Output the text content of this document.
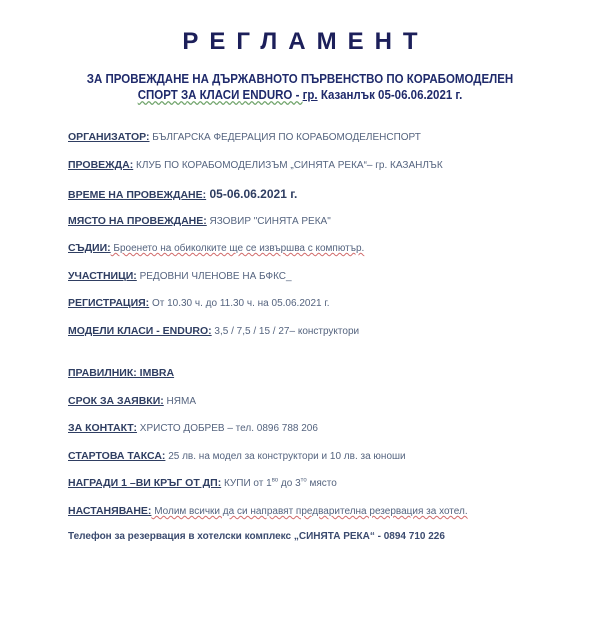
РЕГЛАМЕНТ
ЗА ПРОВЕЖДАНЕ НА ДЪРЖАВНОТО ПЪРВЕНСТВО ПО КОРАБОМОДЕЛЕН
СПОРТ ЗА КЛАСИ ENDURO - гр. Казанлък 05-06.06.2021 г.
ОРГАНИЗАТОР: БЪЛГАРСКА ФЕДЕРАЦИЯ ПО КОРАБОМОДЕЛЕНСПОРТ
ПРОВЕЖДА: КЛУБ ПО КОРАБОМОДЕЛИЗЪМ „СИНЯТА РЕКА“– гр. КАЗАНЛЪК
ВРЕМЕ НА ПРОВЕЖДАНЕ: 05-06.06.2021 г.
МЯСТО НА ПРОВЕЖДАНЕ: ЯЗОВИР "СИНЯТА РЕКА"
СЪДИИ: Броенето на обиколките ще се извършва с компютър.
УЧАСТНИЦИ: РЕДОВНИ ЧЛЕНОВЕ НА БФКС_
РЕГИСТРАЦИЯ: От 10.30 ч. до 11.30 ч. на 05.06.2021 г.
МОДЕЛИ КЛАСИ - ENDURO: 3,5 / 7,5 / 15 / 27– конструктори
ПРАВИЛНИК: IMBRA
СРОК ЗА ЗАЯВКИ: НЯМА
ЗА КОНТАКТ: ХРИСТО ДОБРЕВ – тел. 0896 788 206
СТАРТОВА ТАКСА: 25 лв. на модел за конструктори и 10 лв. за юноши
НАГРАДИ 1 –ВИ КРЪГ ОТ ДП: КУПИ от $1^{во}$ до $3^{то}$ място
НАСТАНЯВАНЕ: Молим всички да си направят предварителна резервация за хотел.
Телефон за резервация в хотелски комплекс „СИНЯТА РЕКА“ - 0894 710 226
